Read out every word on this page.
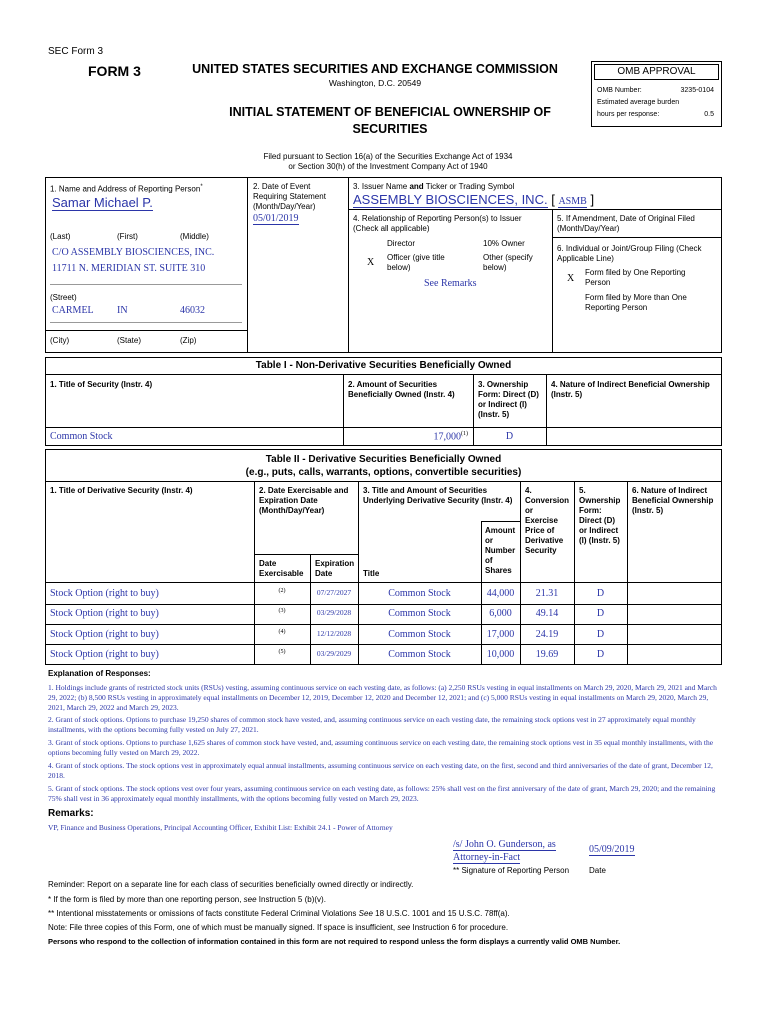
SEC Form 3
FORM 3	UNITED STATES SECURITIES AND EXCHANGE COMMISSION
Washington, D.C. 20549
INITIAL STATEMENT OF BENEFICIAL OWNERSHIP OF
SECURITIES
Filed pursuant to Section 16(a) of the Securities Exchange Act of 1934
or Section 30(h) of the Investment Company Act of 1940
OMB APPROVAL
OMB Number:	3235-0104
Estimated average burden
hours per response:	0.5
1. Name and Address of Reporting Person*
Samar Michael P.
(Last)	(First)	(Middle)
C/O ASSEMBLY BIOSCIENCES, INC.
11711 N. MERIDIAN ST. SUITE 310
(Street)
CARMEL IN	46032
(City)	(State)	(Zip)
2. Date of Event
Requiring Statement
(Month/Day/Year)
05/01/2019
3. Issuer Name and Ticker or Trading Symbol
ASSEMBLY BIOSCIENCES, INC. [ ASMB ]
4. Relationship of Reporting Person(s) to Issuer
(Check all applicable)
Director	10% Owner
X Officer (give title
below)
Other (specify
below)
See Remarks
5. If Amendment, Date of Original Filed
(Month/Day/Year)
6. Individual or Joint/Group Filing (Check
Applicable Line)
X
Form filed by One Reporting
Person
Form filed by More than One
Reporting Person
Table I - Non-Derivative Securities Beneficially Owned
1. Title of Security (Instr. 4)	2. Amount of Securities
Beneficially Owned (Instr. 4)
3. Ownership
Form: Direct (D)
or Indirect (I)
(Instr. 5)
4. Nature of Indirect Beneficial Ownership
(Instr. 5)
Common Stock	17,000$^{(1)}$	D
Table II - Derivative Securities Beneficially Owned
(e.g., puts, calls, warrants, options, convertible securities)
1. Title of Derivative Security (Instr. 4)	2. Date Exercisable and
Expiration Date
(Month/Day/Year)
3. Title and Amount of Securities
Underlying Derivative Security (Instr. 4)
4.
Conversion
or
Exercise
Price of
Derivative
Security
5.
Ownership
Form:
Direct (D)
or Indirect
(I) (Instr. 5)
6. Nature of Indirect
Beneficial Ownership
(Instr. 5)
Date
Exercisable
Expiration
Date	Title
Amount
or
Number
of
Shares
Stock Option (right to buy)	(2)	07/27/2027	Common Stock	44,000	21.31	D
Stock Option (right to buy)	(3)	03/29/2028	Common Stock	6,000	49.14	D
Stock Option (right to buy)	(4)	12/12/2028	Common Stock	17,000	24.19	D
Stock Option (right to buy)	(5)	03/29/2029	Common Stock	10,000	19.69	D
Explanation of Responses:
1. Holdings include grants of restricted stock units (RSUs) vesting, assuming continuous service on each vesting date, as follows: (a) 2,250 RSUs vesting in equal installments on March 29, 2020, March 29, 2021 and March 29, 2022; (b) 8,500 RSUs vesting in approximately equal installments on December 12, 2019, December 12, 2020 and December 12, 2021; and (c) 5,000 RSUs vesting in equal installments on March 29, 2020, March 29, 2021, March 29, 2022 and March 29, 2023.
2. Grant of stock options. Options to purchase 19,250 shares of common stock have vested, and, assuming continuous service on each vesting date, the remaining stock options vest in 27 approximately equal monthly installments, with the options becoming fully vested on July 27, 2021.
3. Grant of stock options. Options to purchase 1,625 shares of common stock have vested, and, assuming continuous service on each vesting date, the remaining stock options vest in 35 equal monthly installments, with the options becoming fully vested on March 29, 2022.
4. Grant of stock options. The stock options vest in approximately equal annual installments, assuming continuous service on each vesting date, on the first, second and third anniversaries of the date of grant, December 12, 2018.
5. Grant of stock options. The stock options vest over four years, assuming continuous service on each vesting date, as follows: 25% shall vest on the first anniversary of the date of grant, March 29, 2020; and the remaining 75% shall vest in 36 approximately equal monthly installments, with the options becoming fully vested on March 29, 2023.
Remarks:
VP, Finance and Business Operations, Principal Accounting Officer, Exhibit List: Exhibit 24.1 - Power of Attorney
/s/ John O. Gunderson, as
Attorney-in-Fact
05/09/2019
** Signature of Reporting Person Date
Reminder: Report on a separate line for each class of securities beneficially owned directly or indirectly.
* If the form is filed by more than one reporting person, see Instruction 5 (b)(v).
** Intentional misstatements or omissions of facts constitute Federal Criminal Violations See 18 U.S.C. 1001 and 15 U.S.C. 78ff(a).
Note: File three copies of this Form, one of which must be manually signed. If space is insufficient, see Instruction 6 for procedure.
Persons who respond to the collection of information contained in this form are not required to respond unless the form displays a currently valid OMB Number.
